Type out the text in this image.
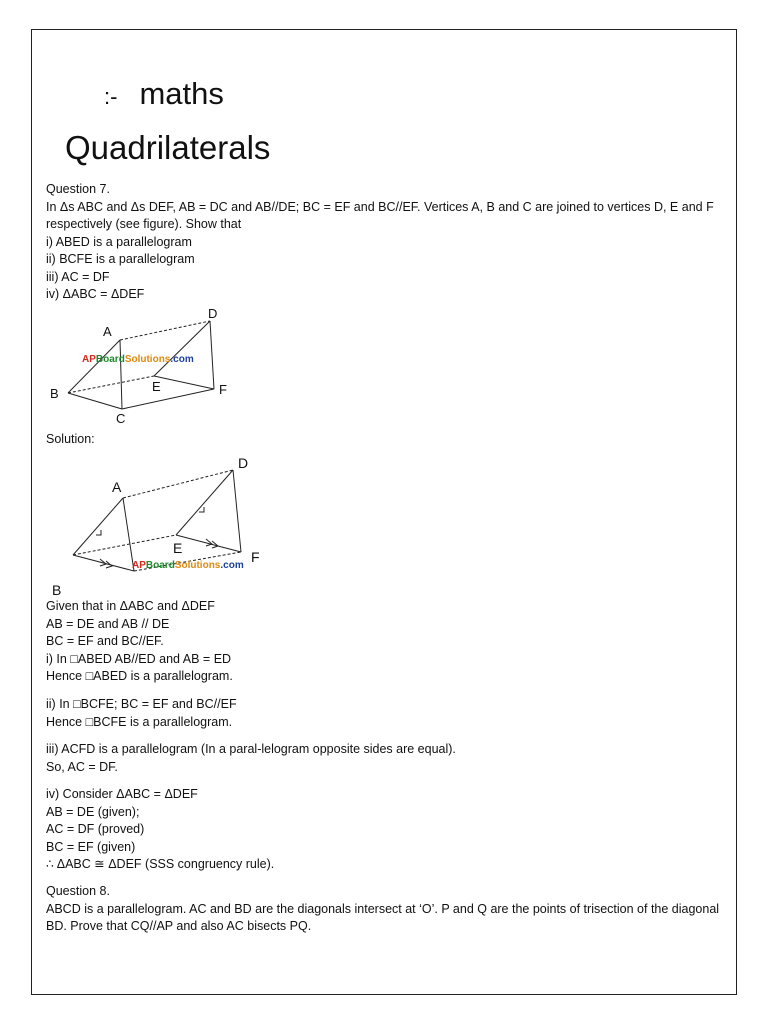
:- maths
Quadrilaterals
Question 7.
In Δs ABC and Δs DEF, AB = DC and AB//DE; BC = EF and BC//EF. Vertices A, B and C are joined to vertices D, E and F respectively (see figure). Show that
i) ABED is a parallelogram
ii) BCFE is a parallelogram
iii) AC = DF
iv) ΔABC = ΔDEF
A
B
C
D
E	F
APBoardSolutions.com
Solution:
A
B
D
E
F
APBoardSolutions.com
Given that in ΔABC and ΔDEF
AB = DE and AB // DE
BC = EF and BC//EF.
i) In □ABED AB//ED and AB = ED
Hence □ABED is a parallelogram.
ii) In □BCFE; BC = EF and BC//EF
Hence □BCFE is a parallelogram.
iii) ACFD is a parallelogram (In a paral-lelogram opposite sides are equal).
So, AC = DF.
iv) Consider ΔABC = ΔDEF
AB = DE (given);
AC = DF (proved)
BC = EF (given)
∴ ΔABC ≅ ΔDEF (SSS congruency rule).
Question 8.
ABCD is a parallelogram. AC and BD are the diagonals intersect at ‘O’. P and Q are the points of trisection of the diagonal BD. Prove that CQ//AP and also AC bisects PQ.
